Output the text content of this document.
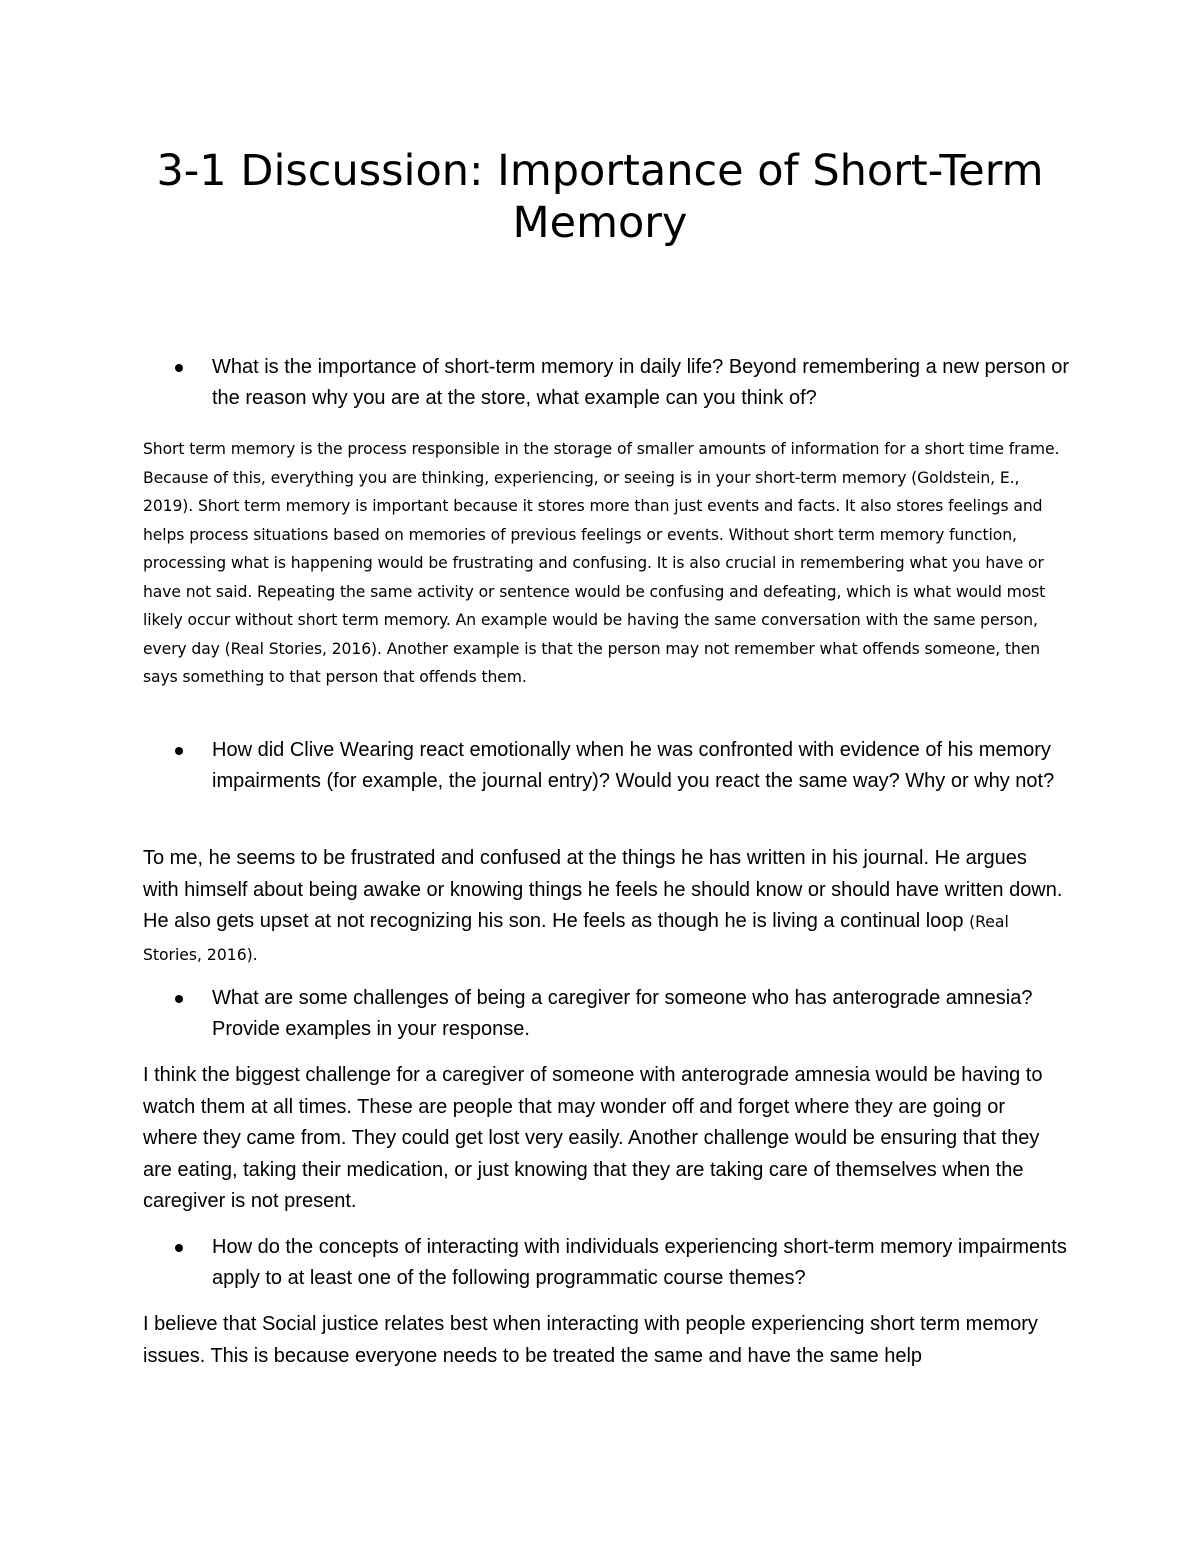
3-1 Discussion: Importance of Short-Term Memory

What is the importance of short-term memory in daily life? Beyond remembering a new person or the reason why you are at the store, what example can you think of?

Short term memory is the process responsible in the storage of smaller amounts of information for a short time frame. Because of this, everything you are thinking, experiencing, or seeing is in your short-term memory (Goldstein, E., 2019). Short term memory is important because it stores more than just events and facts. It also stores feelings and helps process situations based on memories of previous feelings or events. Without short term memory function, processing what is happening would be frustrating and confusing. It is also crucial in remembering what you have or have not said. Repeating the same activity or sentence would be confusing and defeating, which is what would most likely occur without short term memory. An example would be having the same conversation with the same person, every day (Real Stories, 2016). Another example is that the person may not remember what offends someone, then says something to that person that offends them.

How did Clive Wearing react emotionally when he was confronted with evidence of his memory impairments (for example, the journal entry)? Would you react the same way? Why or why not?

To me, he seems to be frustrated and confused at the things he has written in his journal. He argues with himself about being awake or knowing things he feels he should know or should have written down. He also gets upset at not recognizing his son. He feels as though he is living a continual loop (Real Stories, 2016).

What are some challenges of being a caregiver for someone who has anterograde amnesia? Provide examples in your response.

I think the biggest challenge for a caregiver of someone with anterograde amnesia would be having to watch them at all times. These are people that may wonder off and forget where they are going or where they came from. They could get lost very easily. Another challenge would be ensuring that they are eating, taking their medication, or just knowing that they are taking care of themselves when the caregiver is not present.

How do the concepts of interacting with individuals experiencing short-term memory impairments apply to at least one of the following programmatic course themes?

I believe that Social justice relates best when interacting with people experiencing short term memory issues. This is because everyone needs to be treated the same and have the same help
